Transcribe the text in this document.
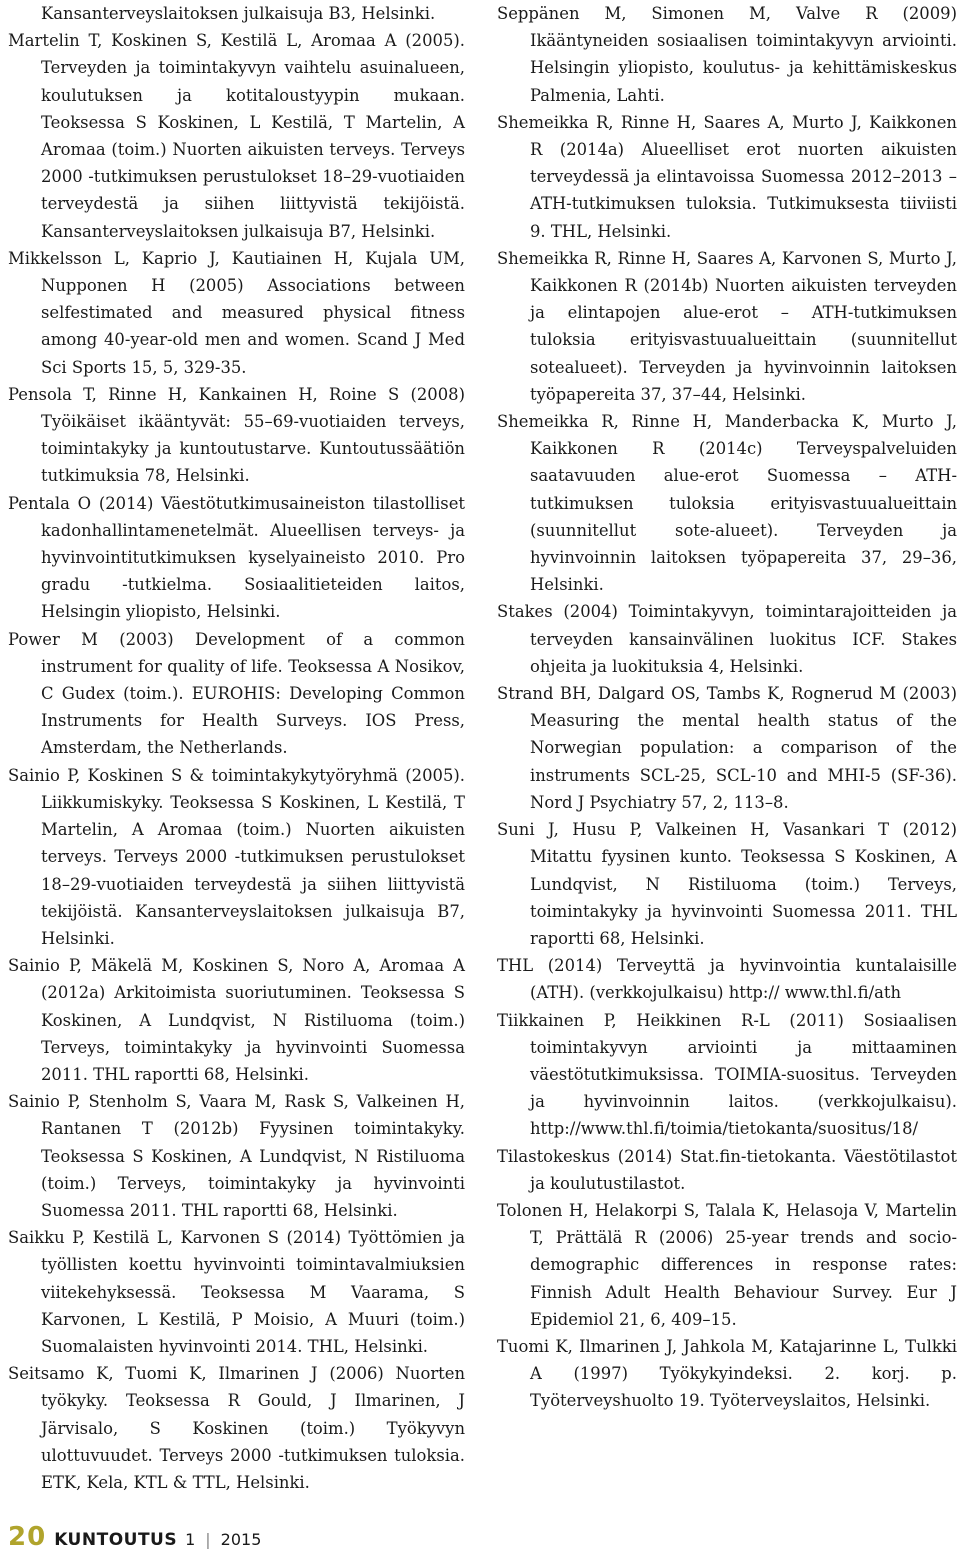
Kansanterveyslaitoksen julkaisuja B3, Helsinki.

Martelin T, Koskinen S, Kestilä L, Aromaa A (2005). Terveyden ja toimintakyvyn vaihtelu asuinalueen, koulutuksen ja kotitaloustyypin mukaan. Teoksessa S Koskinen, L Kestilä, T Martelin, A Aromaa (toim.) Nuorten aikuisten terveys. Terveys 2000 -tutkimuksen perustulokset 18–29-vuotiaiden terveydestä ja siihen liittyvistä tekijöistä. Kansanterveyslaitoksen julkaisuja B7, Helsinki.

Mikkelsson L, Kaprio J, Kautiainen H, Kujala UM, Nupponen H (2005) Associations between selfestimated and measured physical fitness among 40-year-old men and women. Scand J Med Sci Sports 15, 5, 329-35.

Pensola T, Rinne H, Kankainen H, Roine S (2008) Työikäiset ikääntyvät: 55–69-vuotiaiden terveys, toimintakyky ja kuntoutustarve. Kuntoutussäätiön tutkimuksia 78, Helsinki.

Pentala O (2014) Väestötutkimusaineiston tilastolliset kadonhallintamenetelmät. Alueellisen terveys- ja hyvinvointitutkimuksen kyselyaineisto 2010. Pro gradu -tutkielma. Sosiaalitieteiden laitos, Helsingin yliopisto, Helsinki.

Power M (2003) Development of a common instrument for quality of life. Teoksessa A Nosikov, C Gudex (toim.). EUROHIS: Developing Common Instruments for Health Surveys. IOS Press, Amsterdam, the Netherlands.

Sainio P, Koskinen S & toimintakykytyöryhmä (2005). Liikkumiskyky. Teoksessa S Koskinen, L Kestilä, T Martelin, A Aromaa (toim.) Nuorten aikuisten terveys. Terveys 2000 -tutkimuksen perustulokset 18–29-vuotiaiden terveydestä ja siihen liittyvistä tekijöistä. Kansanterveyslaitoksen julkaisuja B7, Helsinki.

Sainio P, Mäkelä M, Koskinen S, Noro A, Aromaa A (2012a) Arkitoimista suoriutuminen. Teoksessa S Koskinen, A Lundqvist, N Ristiluoma (toim.) Terveys, toimintakyky ja hyvinvointi Suomessa 2011. THL raportti 68, Helsinki.

Sainio P, Stenholm S, Vaara M, Rask S, Valkeinen H, Rantanen T (2012b) Fyysinen toimintakyky. Teoksessa S Koskinen, A Lundqvist, N Ristiluoma (toim.) Terveys, toimintakyky ja hyvinvointi Suomessa 2011. THL raportti 68, Helsinki.

Saikku P, Kestilä L, Karvonen S (2014) Työttömien ja työllisten koettu hyvinvointi toimintavalmiuksien viitekehyksessä. Teoksessa M Vaarama, S Karvonen, L Kestilä, P Moisio, A Muuri (toim.) Suomalaisten hyvinvointi 2014. THL, Helsinki.

Seitsamo K, Tuomi K, Ilmarinen J (2006) Nuorten työkyky. Teoksessa R Gould, J Ilmarinen, J Järvisalo, S Koskinen (toim.) Työkyvyn ulottuvuudet. Terveys 2000 -tutkimuksen tuloksia. ETK, Kela, KTL & TTL, Helsinki.

Seppänen M, Simonen M, Valve R (2009) Ikääntyneiden sosiaalisen toimintakyvyn arviointi. Helsingin yliopisto, koulutus- ja kehittämiskeskus Palmenia, Lahti.

Shemeikka R, Rinne H, Saares A, Murto J, Kaikkonen R (2014a) Alueelliset erot nuorten aikuisten terveydessä ja elintavoissa Suomessa 2012–2013 – ATH-tutkimuksen tuloksia. Tutkimuksesta tiiviisti 9. THL, Helsinki.

Shemeikka R, Rinne H, Saares A, Karvonen S, Murto J, Kaikkonen R (2014b) Nuorten aikuisten terveyden ja elintapojen alue-erot – ATH-tutkimuksen tuloksia erityisvastuualueittain (suunnitellut sotealueet). Terveyden ja hyvinvoinnin laitoksen työpapereita 37, 37–44, Helsinki.

Shemeikka R, Rinne H, Manderbacka K, Murto J, Kaikkonen R (2014c) Terveyspalveluiden saatavuuden alue-erot Suomessa – ATH-tutkimuksen tuloksia erityisvastuualueittain (suunnitellut sote-alueet). Terveyden ja hyvinvoinnin laitoksen työpapereita 37, 29–36, Helsinki.

Stakes (2004) Toimintakyvyn, toimintarajoitteiden ja terveyden kansainvälinen luokitus ICF. Stakes ohjeita ja luokituksia 4, Helsinki.

Strand BH, Dalgard OS, Tambs K, Rognerud M (2003) Measuring the mental health status of the Norwegian population: a comparison of the instruments SCL-25, SCL-10 and MHI-5 (SF-36). Nord J Psychiatry 57, 2, 113–8.

Suni J, Husu P, Valkeinen H, Vasankari T (2012) Mitattu fyysinen kunto. Teoksessa S Koskinen, A Lundqvist, N Ristiluoma (toim.) Terveys, toimintakyky ja hyvinvointi Suomessa 2011. THL raportti 68, Helsinki.

THL (2014) Terveyttä ja hyvinvointia kuntalaisille (ATH). (verkkojulkaisu) http:// www.thl.fi/ath

Tiikkainen P, Heikkinen R-L (2011) Sosiaalisen toimintakyvyn arviointi ja mittaaminen väestötutkimuksissa. TOIMIA-suositus. Terveyden ja hyvinvoinnin laitos. (verkkojulkaisu). http://www.thl.fi/toimia/tietokanta/suositus/18/

Tilastokeskus (2014) Stat.fin-tietokanta. Väestötilastot ja koulutustilastot.

Tolonen H, Helakorpi S, Talala K, Helasoja V, Martelin T, Prättälä R (2006) 25-year trends and socio-demographic differences in response rates: Finnish Adult Health Behaviour Survey. Eur J Epidemiol 21, 6, 409–15.

Tuomi K, Ilmarinen J, Jahkola M, Katajarinne L, Tulkki A (1997) Työkykyindeksi. 2. korj. p. Työterveyshuolto 19. Työterveyslaitos, Helsinki.

20 KUNTOUTUS 1 | 2015
